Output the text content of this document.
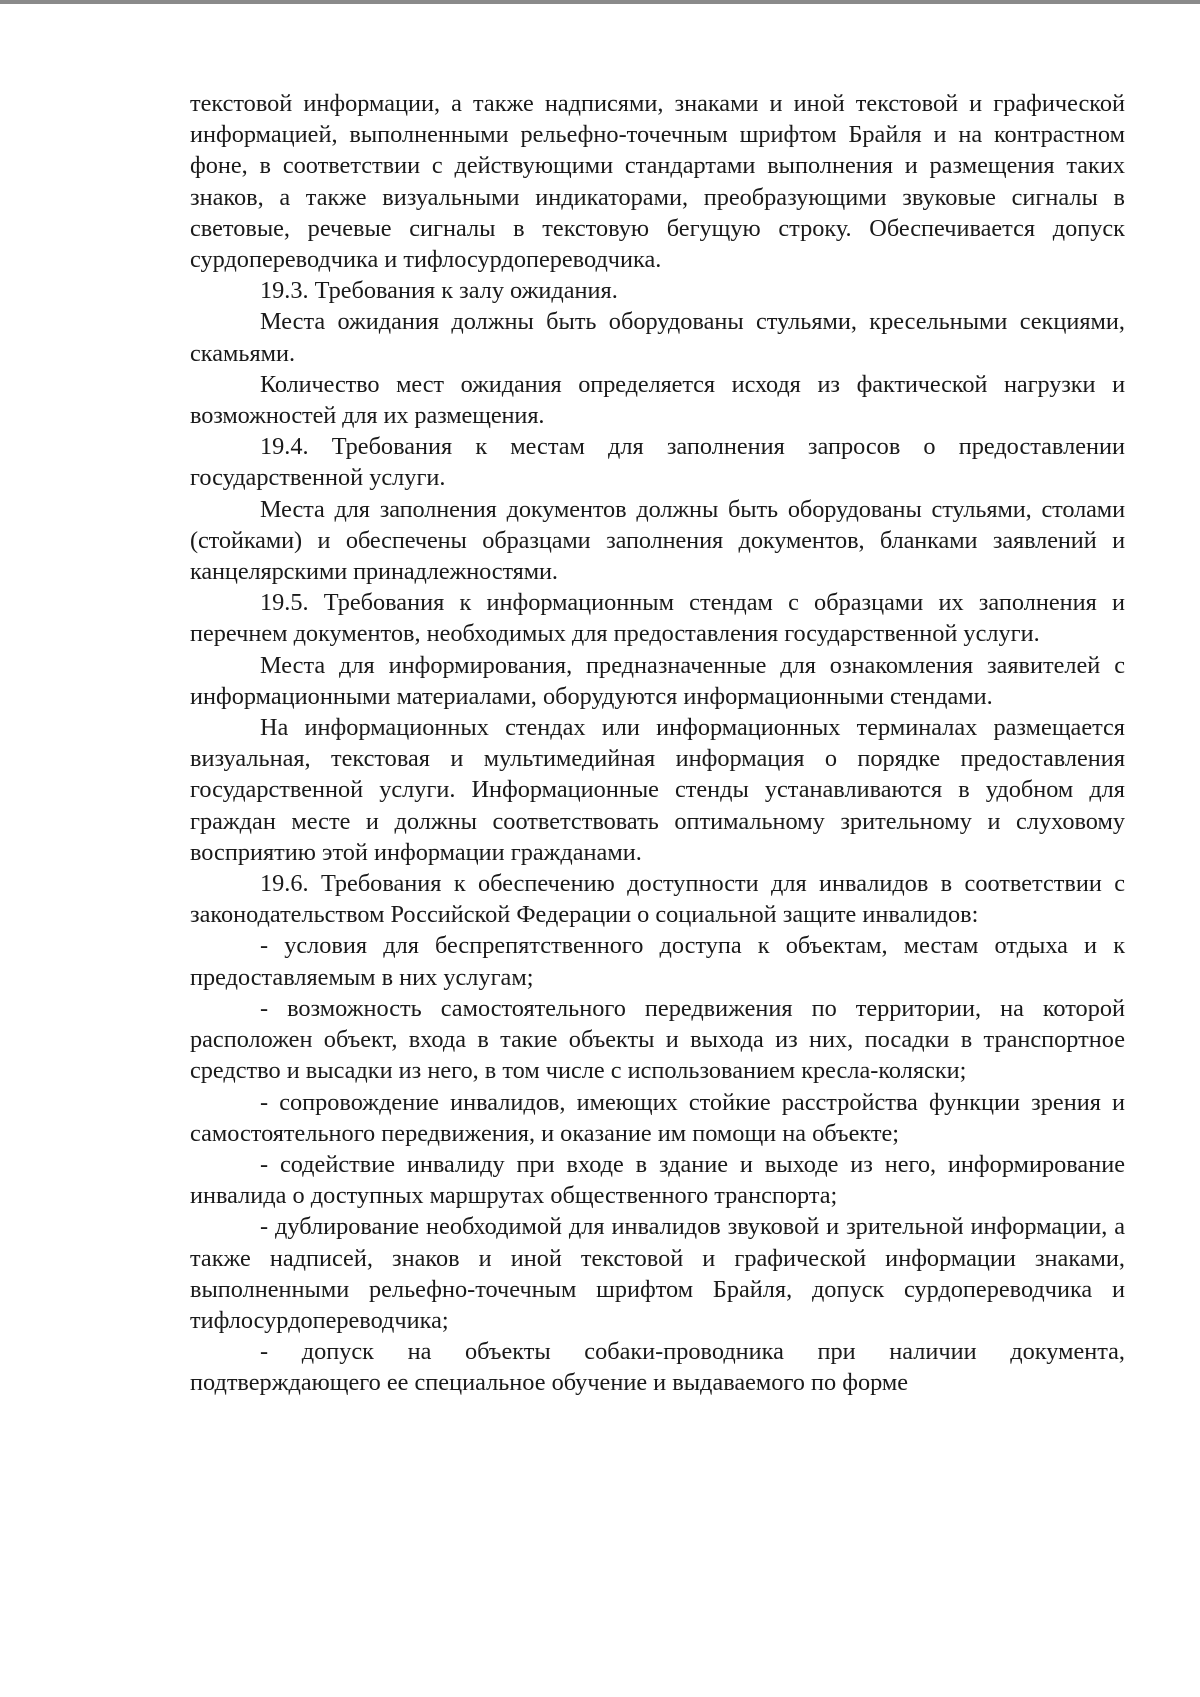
текстовой информации, а также надписями, знаками и иной текстовой и графической информацией, выполненными рельефно-точечным шрифтом Брайля и на контрастном фоне, в соответствии с действующими стандартами выполнения и размещения таких знаков, а также визуальными индикаторами, преобразующими звуковые сигналы в световые, речевые сигналы в текстовую бегущую строку. Обеспечивается допуск сурдопереводчика и тифлосурдопереводчика.

19.3. Требования к залу ожидания.

Места ожидания должны быть оборудованы стульями, кресельными секциями, скамьями.

Количество мест ожидания определяется исходя из фактической нагрузки и возможностей для их размещения.

19.4. Требования к местам для заполнения запросов о предоставлении государственной услуги.

Места для заполнения документов должны быть оборудованы стульями, столами (стойками) и обеспечены образцами заполнения документов, бланками заявлений и канцелярскими принадлежностями.

19.5. Требования к информационным стендам с образцами их заполнения и перечнем документов, необходимых для предоставления государственной услуги.

Места для информирования, предназначенные для ознакомления заявителей с информационными материалами, оборудуются информационными стендами.

На информационных стендах или информационных терминалах размещается визуальная, текстовая и мультимедийная информация о порядке предоставления государственной услуги. Информационные стенды устанавливаются в удобном для граждан месте и должны соответствовать оптимальному зрительному и слуховому восприятию этой информации гражданами.

19.6. Требования к обеспечению доступности для инвалидов в соответствии с законодательством Российской Федерации о социальной защите инвалидов:

- условия для беспрепятственного доступа к объектам, местам отдыха и к предоставляемым в них услугам;

- возможность самостоятельного передвижения по территории, на которой расположен объект, входа в такие объекты и выхода из них, посадки в транспортное средство и высадки из него, в том числе с использованием кресла-коляски;

- сопровождение инвалидов, имеющих стойкие расстройства функции зрения и самостоятельного передвижения, и оказание им помощи на объекте;

- содействие инвалиду при входе в здание и выходе из него, информирование инвалида о доступных маршрутах общественного транспорта;

- дублирование необходимой для инвалидов звуковой и зрительной информации, а также надписей, знаков и иной текстовой и графической информации знаками, выполненными рельефно-точечным шрифтом Брайля, допуск сурдопереводчика и тифлосурдопереводчика;

- допуск на объекты собаки-проводника при наличии документа, подтверждающего ее специальное обучение и выдаваемого по форме
